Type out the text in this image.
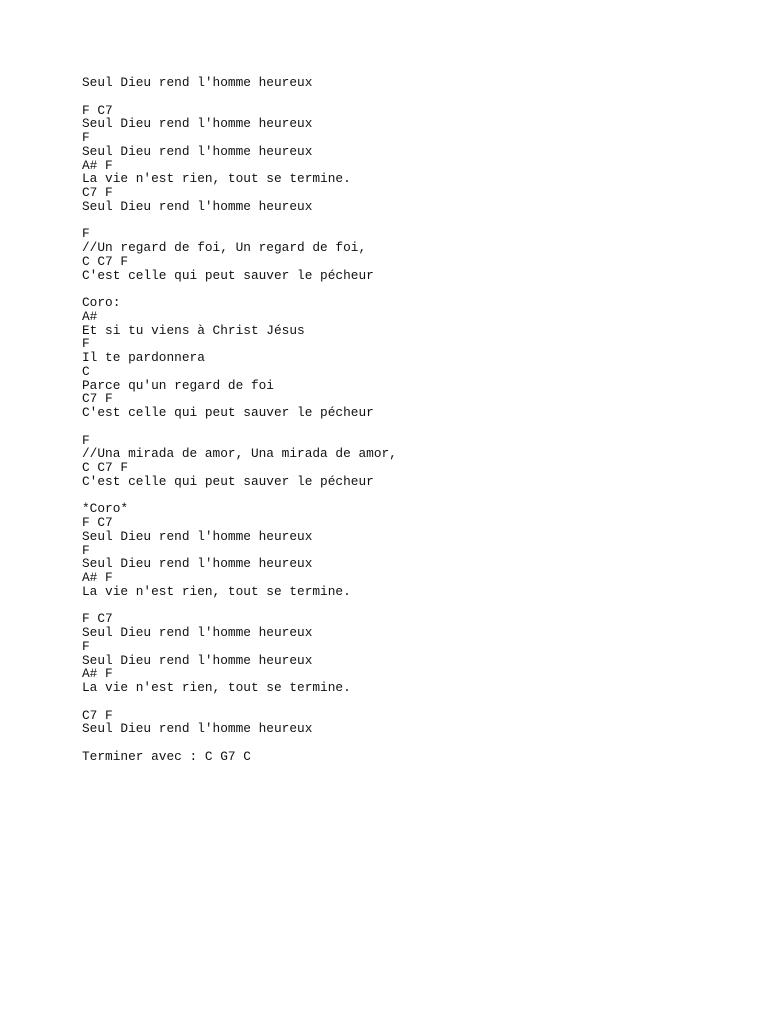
Seul Dieu rend l'homme heureux
F C7
Seul Dieu rend l'homme heureux
F
Seul Dieu rend l'homme heureux
A# F
La vie n'est rien, tout se termine.
C7 F
Seul Dieu rend l'homme heureux
F
//Un regard de foi, Un regard de foi,
C C7 F
C'est celle qui peut sauver le pécheur
Coro:
A#
Et si tu viens à Christ Jésus
F
Il te pardonnera
C
Parce qu'un regard de foi
C7 F
C'est celle qui peut sauver le pécheur
F
//Una mirada de amor, Una mirada de amor,
C C7 F
C'est celle qui peut sauver le pécheur
*Coro*
F C7
Seul Dieu rend l'homme heureux
F
Seul Dieu rend l'homme heureux
A# F
La vie n'est rien, tout se termine.
F C7
Seul Dieu rend l'homme heureux
F
Seul Dieu rend l'homme heureux
A# F
La vie n'est rien, tout se termine.
C7 F
Seul Dieu rend l'homme heureux
Terminer avec : C G7 C
